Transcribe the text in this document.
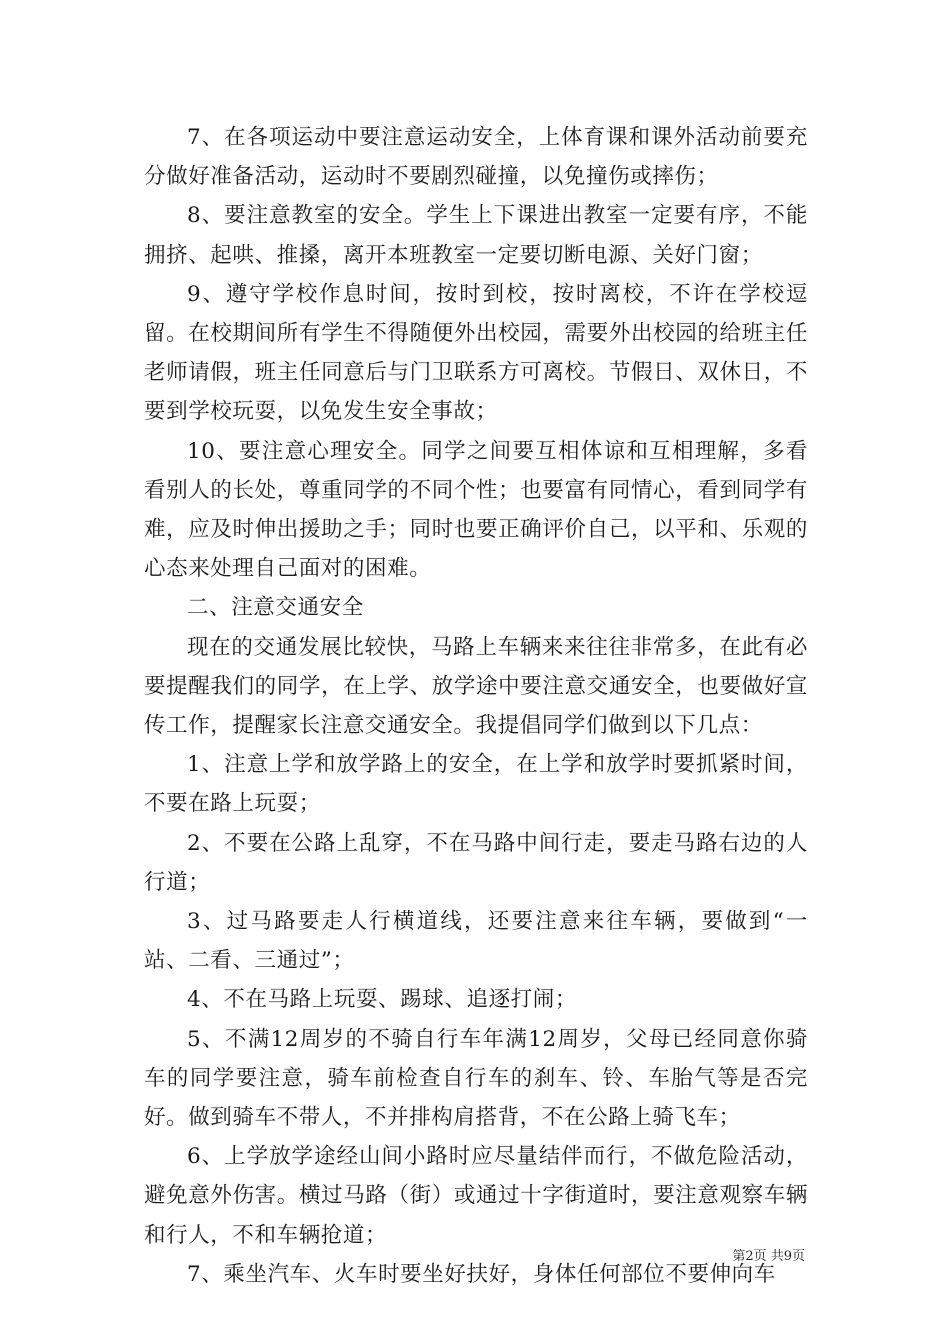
7、在各项运动中要注意运动安全，上体育课和课外活动前要充分做好准备活动，运动时不要剧烈碰撞，以免撞伤或摔伤；

8、要注意教室的安全。学生上下课进出教室一定要有序，不能拥挤、起哄、推搡，离开本班教室一定要切断电源、关好门窗；

9、遵守学校作息时间，按时到校，按时离校，不许在学校逗留。在校期间所有学生不得随便外出校园，需要外出校园的给班主任老师请假，班主任同意后与门卫联系方可离校。节假日、双休日，不要到学校玩耍，以免发生安全事故；

10、要注意心理安全。同学之间要互相体谅和互相理解，多看看别人的长处，尊重同学的不同个性；也要富有同情心，看到同学有难，应及时伸出援助之手；同时也要正确评价自己，以平和、乐观的心态来处理自己面对的困难。

二、注意交通安全

现在的交通发展比较快，马路上车辆来来往往非常多，在此有必要提醒我们的同学，在上学、放学途中要注意交通安全，也要做好宣传工作，提醒家长注意交通安全。我提倡同学们做到以下几点：

1、注意上学和放学路上的安全，在上学和放学时要抓紧时间，不要在路上玩耍；

2、不要在公路上乱穿，不在马路中间行走，要走马路右边的人行道；

3、过马路要走人行横道线，还要注意来往车辆，要做到“一站、二看、三通过”；

4、不在马路上玩耍、踢球、追逐打闹；

5、不满12周岁的不骑自行车年满12周岁，父母已经同意你骑车的同学要注意，骑车前检查自行车的刹车、铃、车胎气等是否完好。做到骑车不带人，不并排构肩搭背，不在公路上骑飞车；

6、上学放学途经山间小路时应尽量结伴而行，不做危险活动，避免意外伤害。横过马路（街）或通过十字街道时，要注意观察车辆和行人，不和车辆抢道；

7、乘坐汽车、火车时要坐好扶好，身体任何部位不要伸向车

第2页 共9页
